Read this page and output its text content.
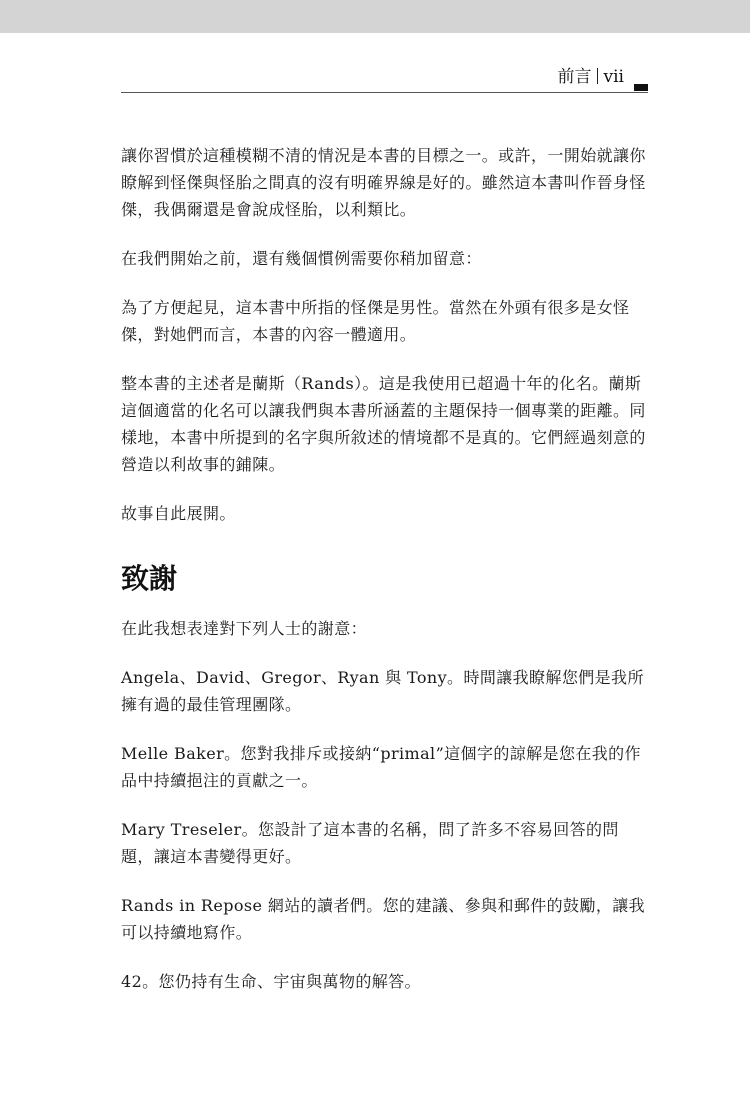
前言 vii

讓你習慣於這種模糊不清的情況是本書的目標之一。或許，一開始就讓你瞭解到怪傑與怪胎之間真的沒有明確界線是好的。雖然這本書叫作晉身怪傑，我偶爾還是會說成怪胎，以利類比。

在我們開始之前，還有幾個慣例需要你稍加留意：

為了方便起見，這本書中所指的怪傑是男性。當然在外頭有很多是女怪傑，對她們而言，本書的內容一體適用。

整本書的主述者是蘭斯（Rands）。這是我使用已超過十年的化名。蘭斯這個適當的化名可以讓我們與本書所涵蓋的主題保持一個專業的距離。同樣地，本書中所提到的名字與所敘述的情境都不是真的。它們經過刻意的營造以利故事的鋪陳。

故事自此展開。

致謝

在此我想表達對下列人士的謝意：

Angela、David、Gregor、Ryan 與 Tony。時間讓我瞭解您們是我所擁有過的最佳管理團隊。

Melle Baker。您對我排斥或接納“primal”這個字的諒解是您在我的作品中持續挹注的貢獻之一。

Mary Treseler。您設計了這本書的名稱，問了許多不容易回答的問題，讓這本書變得更好。

Rands in Repose 網站的讀者們。您的建議、參與和郵件的鼓勵，讓我可以持續地寫作。

42。您仍持有生命、宇宙與萬物的解答。
